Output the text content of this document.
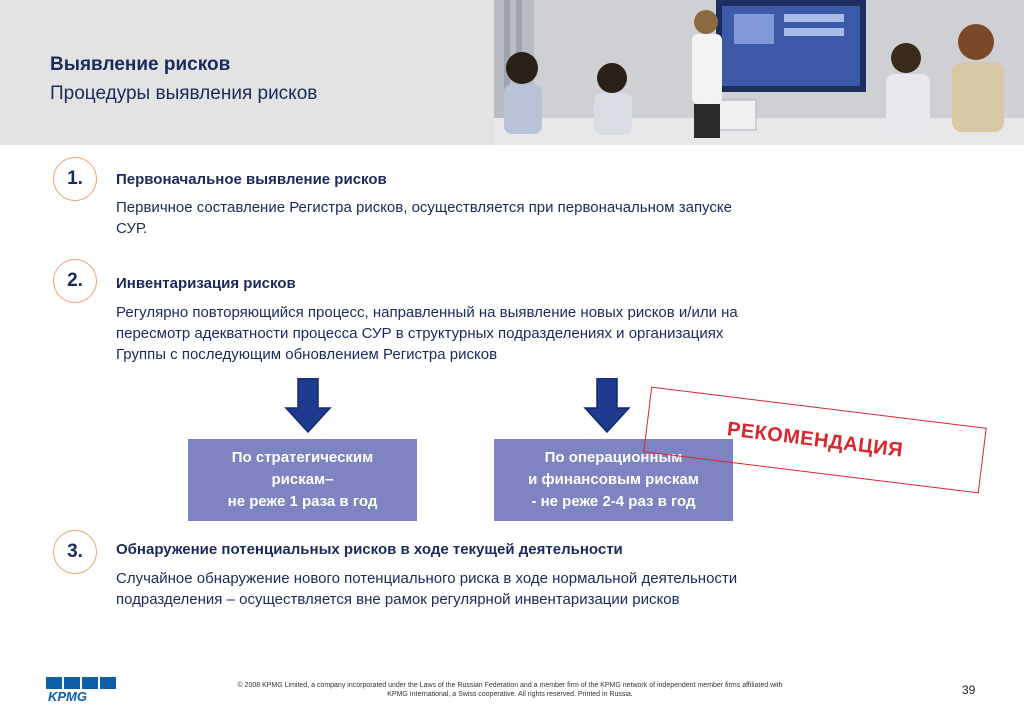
Выявление рисков
Процедуры выявления рисков
1.	Первоначальное выявление рисков
Первичное составление Регистра рисков, осуществляется при первоначальном запуске
СУР.
2.	Инвентаризация рисков
Регулярно повторяющийся процесс, направленный на выявление новых рисков и/или на
пересмотр адекватности процесса СУР в структурных подразделениях и организациях
Группы с последующим обновлением Регистра рисков
По стратегическим
рискам–
не реже 1 раза в год
По операционным
и финансовым рискам
- не реже 2-4 раз в год
РЕКОМЕНДАЦИЯ
3.	Обнаружение потенциальных рисков в ходе текущей деятельности
Случайное обнаружение нового потенциального риска в ходе нормальной деятельности
подразделения – осуществляется вне рамок регулярной инвентаризации рисков
KPMG
© 2008 KPMG Limited, a company incorporated under the Laws of the Russian Federation and a member firm of the KPMG network of independent member firms affiliated with
KPMG International, a Swiss cooperative. All rights reserved. Printed in Russia.	39
